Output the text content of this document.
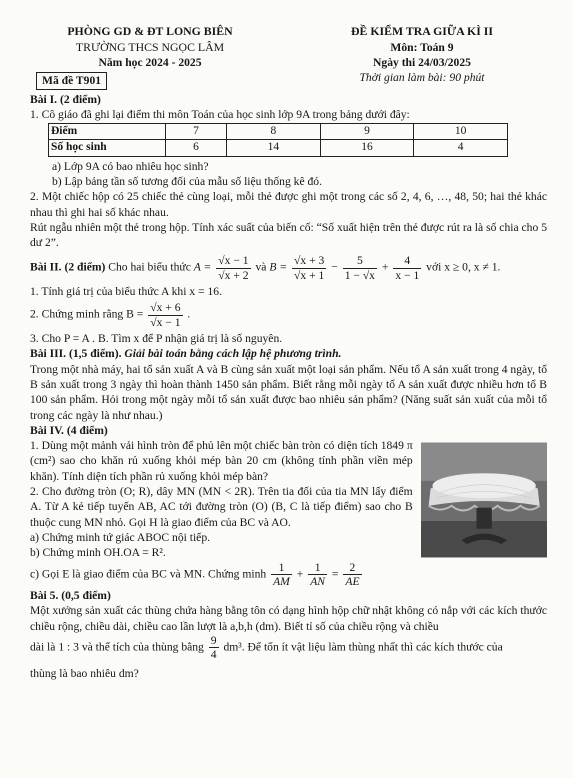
PHÒNG GD & ĐT LONG BIÊN
TRƯỜNG THCS NGỌC LÂM
Năm học 2024 - 2025
Mã đề T901
ĐỀ KIỂM TRA GIỮA KÌ II
Môn: Toán 9
Ngày thi 24/03/2025
Thời gian làm bài: 90 phút

Bài I. (2 điểm)

1. Cô giáo đã ghi lại điểm thi môn Toán của học sinh lớp 9A trong bảng dưới đây:

Điểm	7	8	9	10
Số học sinh	6	14	16	4

a) Lớp 9A có bao nhiêu học sinh?

b) Lập bảng tần số tương đối của mẫu số liệu thống kê đó.

2. Một chiếc hộp có 25 chiếc thẻ cùng loại, mỗi thẻ được ghi một trong các số 2, 4, 6, …, 48, 50; hai thẻ khác nhau thì ghi hai số khác nhau.

Rút ngẫu nhiên một thẻ trong hộp. Tính xác suất của biến cố: “Số xuất hiện trên thẻ được rút ra là số chia cho 5 dư 2”.

Bài II. (2 điểm) Cho hai biểu thức $A = \frac{√x - 1}{√x + 2}$ và $B = \frac{√x + 3}{√x + 1} - \frac{5}{1 - √x} + \frac{4}{x - 1}$ với x ≥ 0, x ≠ 1.

1. Tính giá trị của biểu thức A khi x = 16.

2. Chứng minh rằng $B = \frac{√x + 6}{√x - 1}$ .

3. Cho P = A . B. Tìm x để P nhận giá trị là số nguyên.

Bài III. (1,5 điểm). Giải bài toán bằng cách lập hệ phương trình.

Trong một nhà máy, hai tổ sản xuất A và B cùng sản xuất một loại sản phẩm. Nếu tổ A sản xuất trong 4 ngày, tổ B sản xuất trong 3 ngày thì hoàn thành 1450 sản phẩm. Biết rằng mỗi ngày tổ A sản xuất được nhiều hơn tổ B 100 sản phẩm. Hỏi trong một ngày mỗi tổ sản xuất được bao nhiêu sản phẩm? (Năng suất sản xuất của mỗi tổ trong các ngày là như nhau.)

Bài IV. (4 điểm)

1. Dùng một mảnh vải hình tròn để phủ lên một chiếc bàn tròn có diện tích 1849 π (cm²) sao cho khăn rủ xuống khỏi mép bàn 20 cm (không tính phần viền mép khăn). Tính diện tích phần rủ xuống khỏi mép bàn?

2. Cho đường tròn (O; R), dây MN (MN < 2R). Trên tia đối của tia MN lấy điểm A. Từ A kẻ tiếp tuyến AB, AC tới đường tròn (O) (B, C là tiếp điểm) sao cho B thuộc cung MN nhỏ. Gọi H là giao điểm của BC và AO.

a) Chứng minh tứ giác ABOC nội tiếp.

b) Chứng minh OH.OA = R².

c) Gọi E là giao điểm của BC và MN. Chứng minh $\frac{1}{AM} + \frac{1}{AN} = \frac{2}{AE}$

Bài 5. (0,5 điểm)

Một xưởng sản xuất các thùng chứa hàng bằng tôn có dạng hình hộp chữ nhật không có nắp với các kích thước chiều rộng, chiều dài, chiều cao lần lượt là a,b,h (dm). Biết tỉ số của chiều rộng và chiều

dài là 1 : 3 và thể tích của thùng bằng $\frac{9}{4} dm^3$. Để tốn ít vật liệu làm thùng nhất thì các kích thước của

thùng là bao nhiêu dm?
